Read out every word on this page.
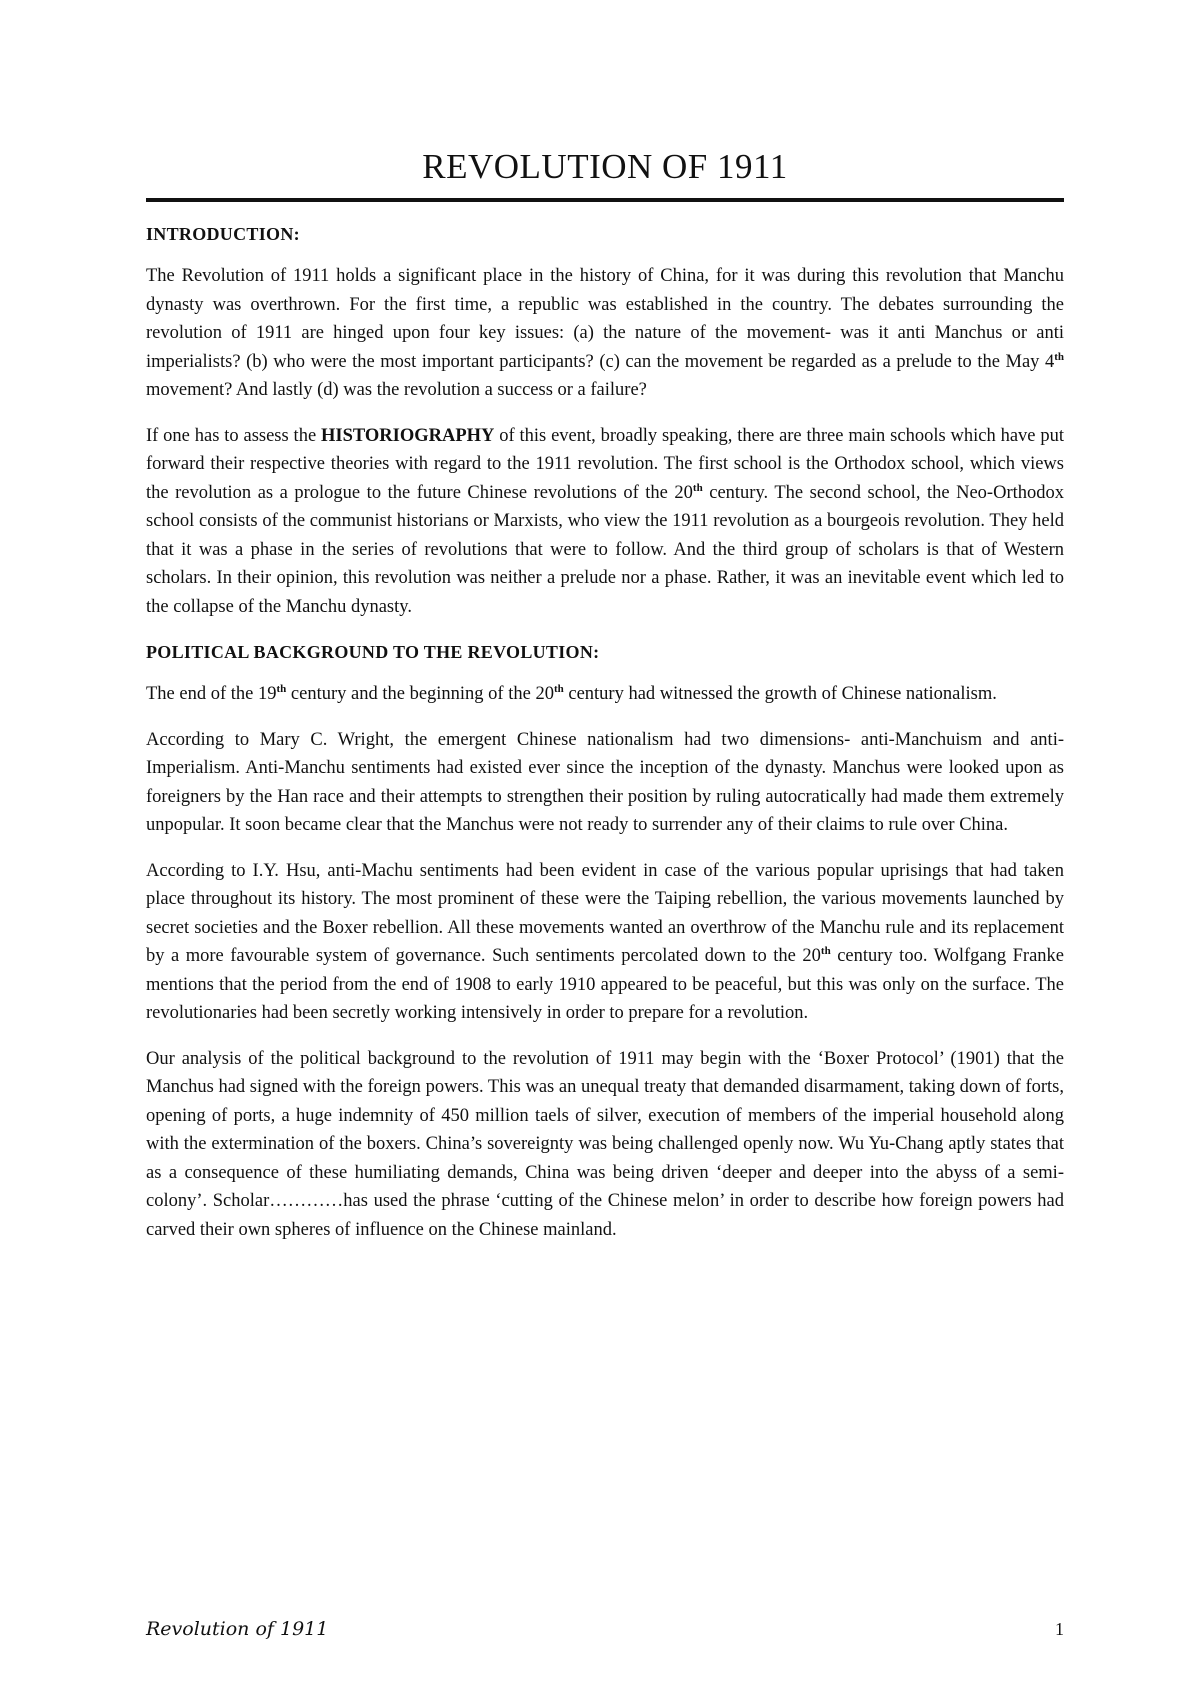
REVOLUTION OF 1911
INTRODUCTION:

The Revolution of 1911 holds a significant place in the history of China, for it was during this revolution that Manchu dynasty was overthrown. For the first time, a republic was established in the country. The debates surrounding the revolution of 1911 are hinged upon four key issues: (a) the nature of the movement- was it anti Manchus or anti imperialists? (b) who were the most important participants? (c) can the movement be regarded as a prelude to the May 4th movement? And lastly (d) was the revolution a success or a failure?

If one has to assess the HISTORIOGRAPHY of this event, broadly speaking, there are three main schools which have put forward their respective theories with regard to the 1911 revolution. The first school is the Orthodox school, which views the revolution as a prologue to the future Chinese revolutions of the 20th century. The second school, the Neo-Orthodox school consists of the communist historians or Marxists, who view the 1911 revolution as a bourgeois revolution. They held that it was a phase in the series of revolutions that were to follow. And the third group of scholars is that of Western scholars. In their opinion, this revolution was neither a prelude nor a phase. Rather, it was an inevitable event which led to the collapse of the Manchu dynasty.

POLITICAL BACKGROUND TO THE REVOLUTION:

The end of the 19th century and the beginning of the 20th century had witnessed the growth of Chinese nationalism.

According to Mary C. Wright, the emergent Chinese nationalism had two dimensions- anti-Manchuism and anti-Imperialism. Anti-Manchu sentiments had existed ever since the inception of the dynasty. Manchus were looked upon as foreigners by the Han race and their attempts to strengthen their position by ruling autocratically had made them extremely unpopular. It soon became clear that the Manchus were not ready to surrender any of their claims to rule over China.

According to I.Y. Hsu, anti-Machu sentiments had been evident in case of the various popular uprisings that had taken place throughout its history. The most prominent of these were the Taiping rebellion, the various movements launched by secret societies and the Boxer rebellion. All these movements wanted an overthrow of the Manchu rule and its replacement by a more favourable system of governance. Such sentiments percolated down to the 20th century too. Wolfgang Franke mentions that the period from the end of 1908 to early 1910 appeared to be peaceful, but this was only on the surface. The revolutionaries had been secretly working intensively in order to prepare for a revolution.

Our analysis of the political background to the revolution of 1911 may begin with the ‘Boxer Protocol’ (1901) that the Manchus had signed with the foreign powers. This was an unequal treaty that demanded disarmament, taking down of forts, opening of ports, a huge indemnity of 450 million taels of silver, execution of members of the imperial household along with the extermination of the boxers. China’s sovereignty was being challenged openly now. Wu Yu-Chang aptly states that as a consequence of these humiliating demands, China was being driven ‘deeper and deeper into the abyss of a semi-colony’. Scholar…………has used the phrase ‘cutting of the Chinese melon’ in order to describe how foreign powers had carved their own spheres of influence on the Chinese mainland.

Revolution of 1911	1
